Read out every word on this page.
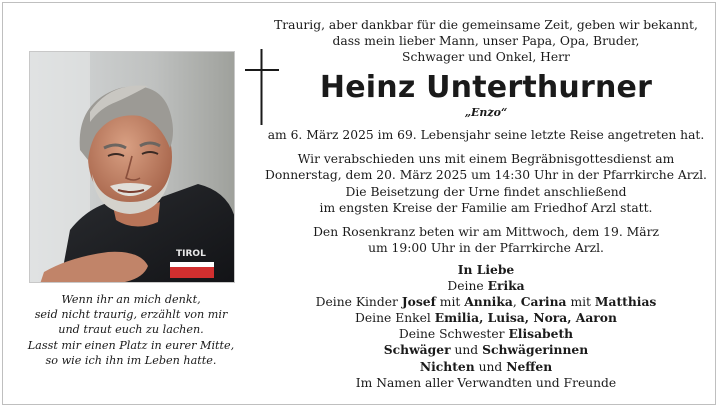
TIROL
Wenn ihr an mich denkt,
seid nicht traurig, erzählt von mir
und traut euch zu lachen.
Lasst mir einen Platz in eurer Mitte,
so wie ich ihn im Leben hatte.

Traurig, aber dankbar für die gemeinsame Zeit, geben wir bekannt,

dass mein lieber Mann, unser Papa, Opa, Bruder,

Schwager und Onkel, Herr

Heinz Unterthurner

„Enzo“

am 6. März 2025 im 69. Lebensjahr seine letzte Reise angetreten hat.

Wir verabschieden uns mit einem Begräbnisgottesdienst am

Donnerstag, dem 20. März 2025 um 14:30 Uhr in der Pfarrkirche Arzl.

Die Beisetzung der Urne findet anschließend

im engsten Kreise der Familie am Friedhof Arzl statt.

Den Rosenkranz beten wir am Mittwoch, dem 19. März

um 19:00 Uhr in der Pfarrkirche Arzl.

In Liebe

Deine Erika

Deine Kinder Josef mit Annika, Carina mit Matthias

Deine Enkel Emilia, Luisa, Nora, Aaron

Deine Schwester Elisabeth

Schwäger und Schwägerinnen

Nichten und Neffen

Im Namen aller Verwandten und Freunde
